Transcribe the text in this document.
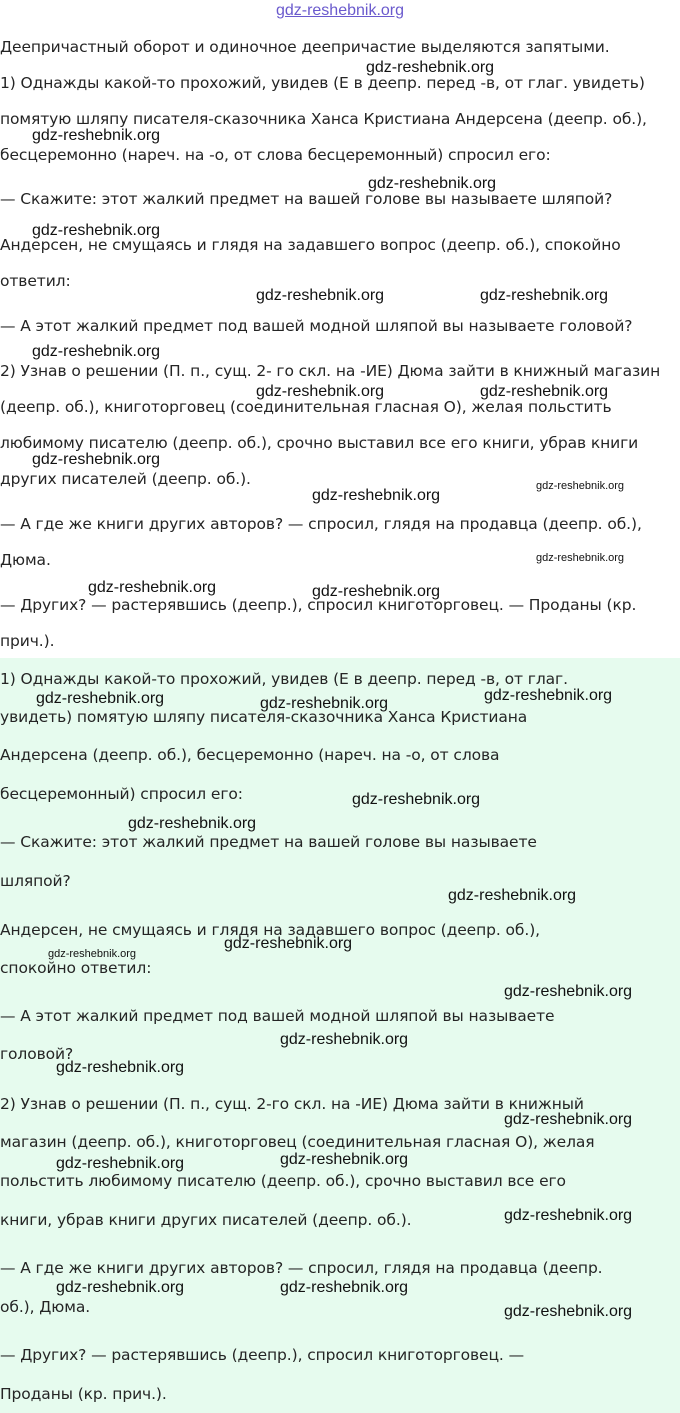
gdz-reshebnik.org
Деепричастный оборот и одиночное деепричастие выделяются запятыми.
1) Однажды какой-то прохожий, увидев (Е в деепр. перед -в, от глаг. увидеть)
помятую шляпу писателя-сказочника Ханса Кристиана Андерсена (деепр. об.),
бесцеремонно (нареч. на -о, от слова бесцеремонный) спросил его:
— Скажите: этот жалкий предмет на вашей голове вы называете шляпой?
Андерсен, не смущаясь и глядя на задавшего вопрос (деепр. об.), спокойно
ответил:
— А этот жалкий предмет под вашей модной шляпой вы называете головой?
2) Узнав о решении (П. п., сущ. 2- го скл. на -ИЕ) Дюма зайти в книжный магазин
(деепр. об.), книготорговец (соединительная гласная О), желая польстить
любимому писателю (деепр. об.), срочно выставил все его книги, убрав книги
других писателей (деепр. об.).
— А где же книги других авторов? — спросил, глядя на продавца (деепр. об.),
Дюма.
— Других? — растерявшись (деепр.), спросил книготорговец. — Проданы (кр.
прич.).
1) Однажды какой-то прохожий, увидев (Е в деепр. перед -в, от глаг.
увидеть) помятую шляпу писателя-сказочника Ханса Кристиана
Андерсена (деепр. об.), бесцеремонно (нареч. на -о, от слова
бесцеремонный) спросил его:
— Скажите: этот жалкий предмет на вашей голове вы называете
шляпой?
Андерсен, не смущаясь и глядя на задавшего вопрос (деепр. об.),
спокойно ответил:
— А этот жалкий предмет под вашей модной шляпой вы называете
головой?
2) Узнав о решении (П. п., сущ. 2-го скл. на -ИЕ) Дюма зайти в книжный
магазин (деепр. об.), книготорговец (соединительная гласная О), желая
польстить любимому писателю (деепр. об.), срочно выставил все его
книги, убрав книги других писателей (деепр. об.).
— А где же книги других авторов? — спросил, глядя на продавца (деепр.
об.), Дюма.
— Других? — растерявшись (деепр.), спросил книготорговец. —
Проданы (кр. прич.).
gdz-reshebnik.org
gdz-reshebnik.org
gdz-reshebnik.org
gdz-reshebnik.org
gdz-reshebnik.org	gdz-reshebnik.org
gdz-reshebnik.org
gdz-reshebnik.org	gdz-reshebnik.org
gdz-reshebnik.org
gdz-reshebnik.org
gdz-reshebnik.org
gdz-reshebnik.org
gdz-reshebnik.org	gdz-reshebnik.org
gdz-reshebnik.org	gdz-reshebnik.org	gdz-reshebnik.org
gdz-reshebnik.org
gdz-reshebnik.org
gdz-reshebnik.org
gdz-reshebnik.org
gdz-reshebnik.org
gdz-reshebnik.org
gdz-reshebnik.org
gdz-reshebnik.org
gdz-reshebnik.org
gdz-reshebnik.org
gdz-reshebnik.org
gdz-reshebnik.org
gdz-reshebnik.org	gdz-reshebnik.org
gdz-reshebnik.org
